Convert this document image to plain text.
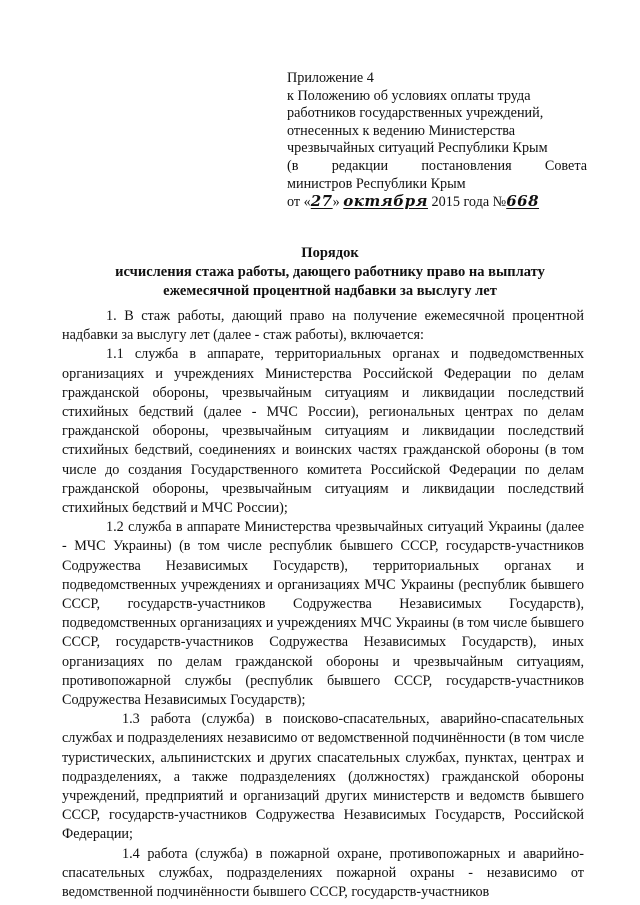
Приложение 4
к Положению об условиях оплаты труда
работников государственных учреждений,
отнесенных к ведению Министерства
чрезвычайных ситуаций Республики Крым
(в редакции постановления Совета
министров Республики Крым
от «27» октября 2015 года №668
Порядок
исчисления стажа работы, дающего работнику право на выплату
ежемесячной процентной надбавки за выслугу лет

1. В стаж работы, дающий право на получение ежемесячной процентной надбавки за выслугу лет (далее - стаж работы), включается:

1.1 служба в аппарате, территориальных органах и подведомственных организациях и учреждениях Министерства Российской Федерации по делам гражданской обороны, чрезвычайным ситуациям и ликвидации последствий стихийных бедствий (далее - МЧС России), региональных центрах по делам гражданской обороны, чрезвычайным ситуациям и ликвидации последствий стихийных бедствий, соединениях и воинских частях гражданской обороны (в том числе до создания Государственного комитета Российской Федерации по делам гражданской обороны, чрезвычайным ситуациям и ликвидации последствий стихийных бедствий и МЧС России);

1.2 служба в аппарате Министерства чрезвычайных ситуаций Украины (далее - МЧС Украины) (в том числе республик бывшего СССР, государств-участников Содружества Независимых Государств), территориальных органах и подведомственных учреждениях и организациях МЧС Украины (республик бывшего СССР, государств-участников Содружества Независимых Государств), подведомственных организациях и учреждениях МЧС Украины (в том числе бывшего СССР, государств-участников Содружества Независимых Государств), иных организациях по делам гражданской обороны и чрезвычайным ситуациям, противопожарной службы (республик бывшего СССР, государств-участников Содружества Независимых Государств);

1.3 работа (служба) в поисково-спасательных, аварийно-спасательных службах и подразделениях независимо от ведомственной подчинённости (в том числе туристических, альпинистских и других спасательных службах, пунктах, центрах и подразделениях, а также подразделениях (должностях) гражданской обороны учреждений, предприятий и организаций других министерств и ведомств бывшего СССР, государств-участников Содружества Независимых Государств, Российской Федерации;

1.4 работа (служба) в пожарной охране, противопожарных и аварийно-спасательных службах, подразделениях пожарной охраны - независимо от ведомственной подчинённости бывшего СССР, государств-участников
